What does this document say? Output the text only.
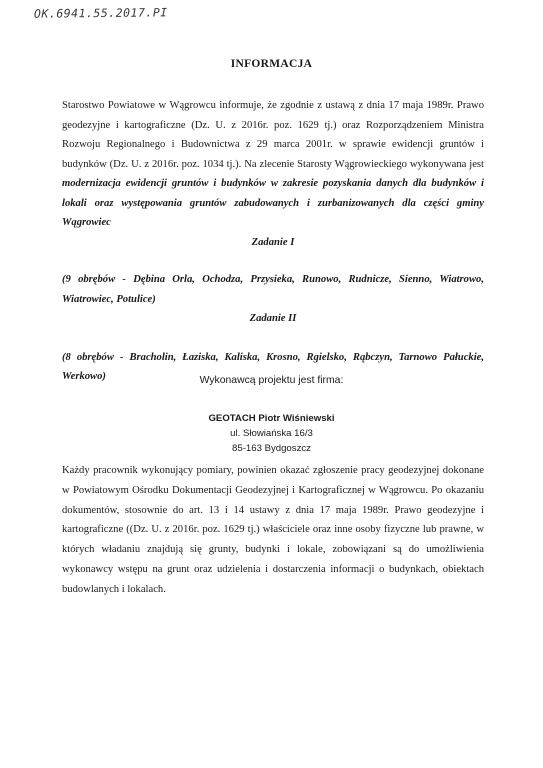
OK.6941.55.2017.PI
INFORMACJA

Starostwo Powiatowe w Wągrowcu informuje, że zgodnie z ustawą z dnia 17 maja 1989r. Prawo geodezyjne i kartograficzne (Dz. U. z 2016r. poz. 1629 tj.) oraz Rozporządzeniem Ministra Rozwoju Regionalnego i Budownictwa z 29 marca 2001r. w sprawie ewidencji gruntów i budynków (Dz. U. z 2016r. poz. 1034 tj.). Na zlecenie Starosty Wągrowieckiego wykonywana jest modernizacja ewidencji gruntów i budynków w zakresie pozyskania danych dla budynków i lokali oraz występowania gruntów zabudowanych i zurbanizowanych dla części gminy Wągrowiec

Zadanie I

(9 obrębów - Dębina Orla, Ochodza, Przysieka, Runowo, Rudnicze, Sienno, Wiatrowo, Wiatrowiec, Potulice)

Zadanie II

(8 obrębów - Bracholin, Łaziska, Kaliska, Krosno, Rgielsko, Rąbczyn, Tarnowo Pałuckie, Werkowo)	Wykonawcą projektu jest firma:
GEOTACH Piotr Wiśniewski
ul. Słowiańska 16/3
85-163 Bydgoszcz

Każdy pracownik wykonujący pomiary, powinien okazać zgłoszenie pracy geodezyjnej dokonane w Powiatowym Ośrodku Dokumentacji Geodezyjnej i Kartograficznej w Wągrowcu. Po okazaniu dokumentów, stosownie do art. 13 i 14 ustawy z dnia 17 maja 1989r. Prawo geodezyjne i kartograficzne ((Dz. U. z 2016r. poz. 1629 tj.) właściciele oraz inne osoby fizyczne lub prawne, w których władaniu znajdują się grunty, budynki i lokale, zobowiązani są do umożliwienia wykonawcy wstępu na grunt oraz udzielenia i dostarczenia informacji o budynkach, obiektach budowlanych i lokalach.
